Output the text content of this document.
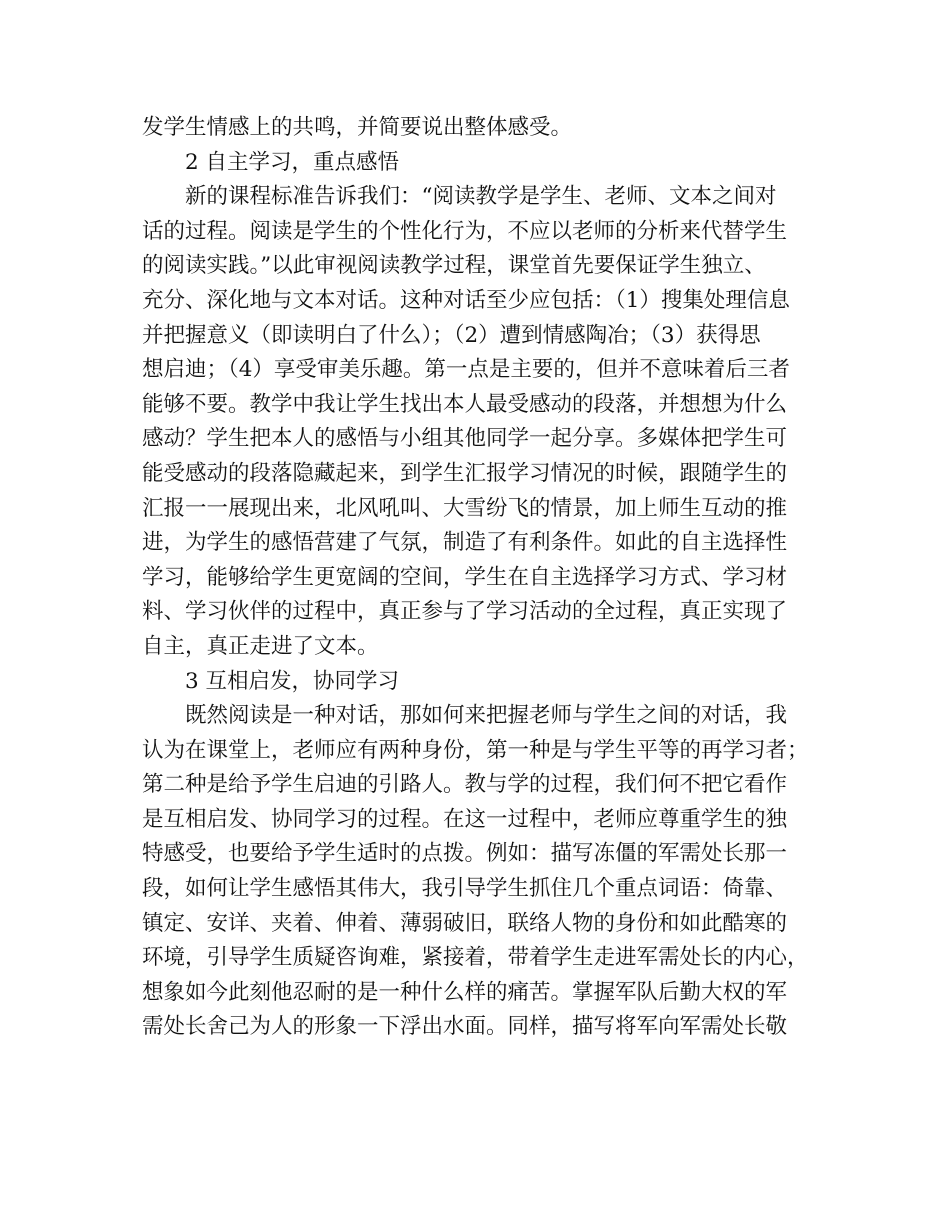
发学生情感上的共鸣，并简要说出整体感受。
2 自主学习，重点感悟
新的课程标准告诉我们：“阅读教学是学生、老师、文本之间对
话的过程。阅读是学生的个性化行为，不应以老师的分析来代替学生
的阅读实践。”以此审视阅读教学过程，课堂首先要保证学生独立、
充分、深化地与文本对话。这种对话至少应包括：（1）搜集处理信息
并把握意义（即读明白了什么）；（2）遭到情感陶冶；（3）获得思
想启迪；（4）享受审美乐趣。第一点是主要的，但并不意味着后三者
能够不要。教学中我让学生找出本人最受感动的段落，并想想为什么
感动？学生把本人的感悟与小组其他同学一起分享。多媒体把学生可
能受感动的段落隐藏起来，到学生汇报学习情况的时候，跟随学生的
汇报一一展现出来，北风吼叫、大雪纷飞的情景，加上师生互动的推
进，为学生的感悟营建了气氛，制造了有利条件。如此的自主选择性
学习，能够给学生更宽阔的空间，学生在自主选择学习方式、学习材
料、学习伙伴的过程中，真正参与了学习活动的全过程，真正实现了
自主，真正走进了文本。
3 互相启发，协同学习
既然阅读是一种对话，那如何来把握老师与学生之间的对话，我
认为在课堂上，老师应有两种身份，第一种是与学生平等的再学习者；
第二种是给予学生启迪的引路人。教与学的过程，我们何不把它看作
是互相启发、协同学习的过程。在这一过程中，老师应尊重学生的独
特感受，也要给予学生适时的点拨。例如：描写冻僵的军需处长那一
段，如何让学生感悟其伟大，我引导学生抓住几个重点词语：倚靠、
镇定、安详、夹着、伸着、薄弱破旧，联络人物的身份和如此酷寒的
环境，引导学生质疑咨询难，紧接着，带着学生走进军需处长的内心，
想象如今此刻他忍耐的是一种什么样的痛苦。掌握军队后勤大权的军
需处长舍己为人的形象一下浮出水面。同样，描写将军向军需处长敬
